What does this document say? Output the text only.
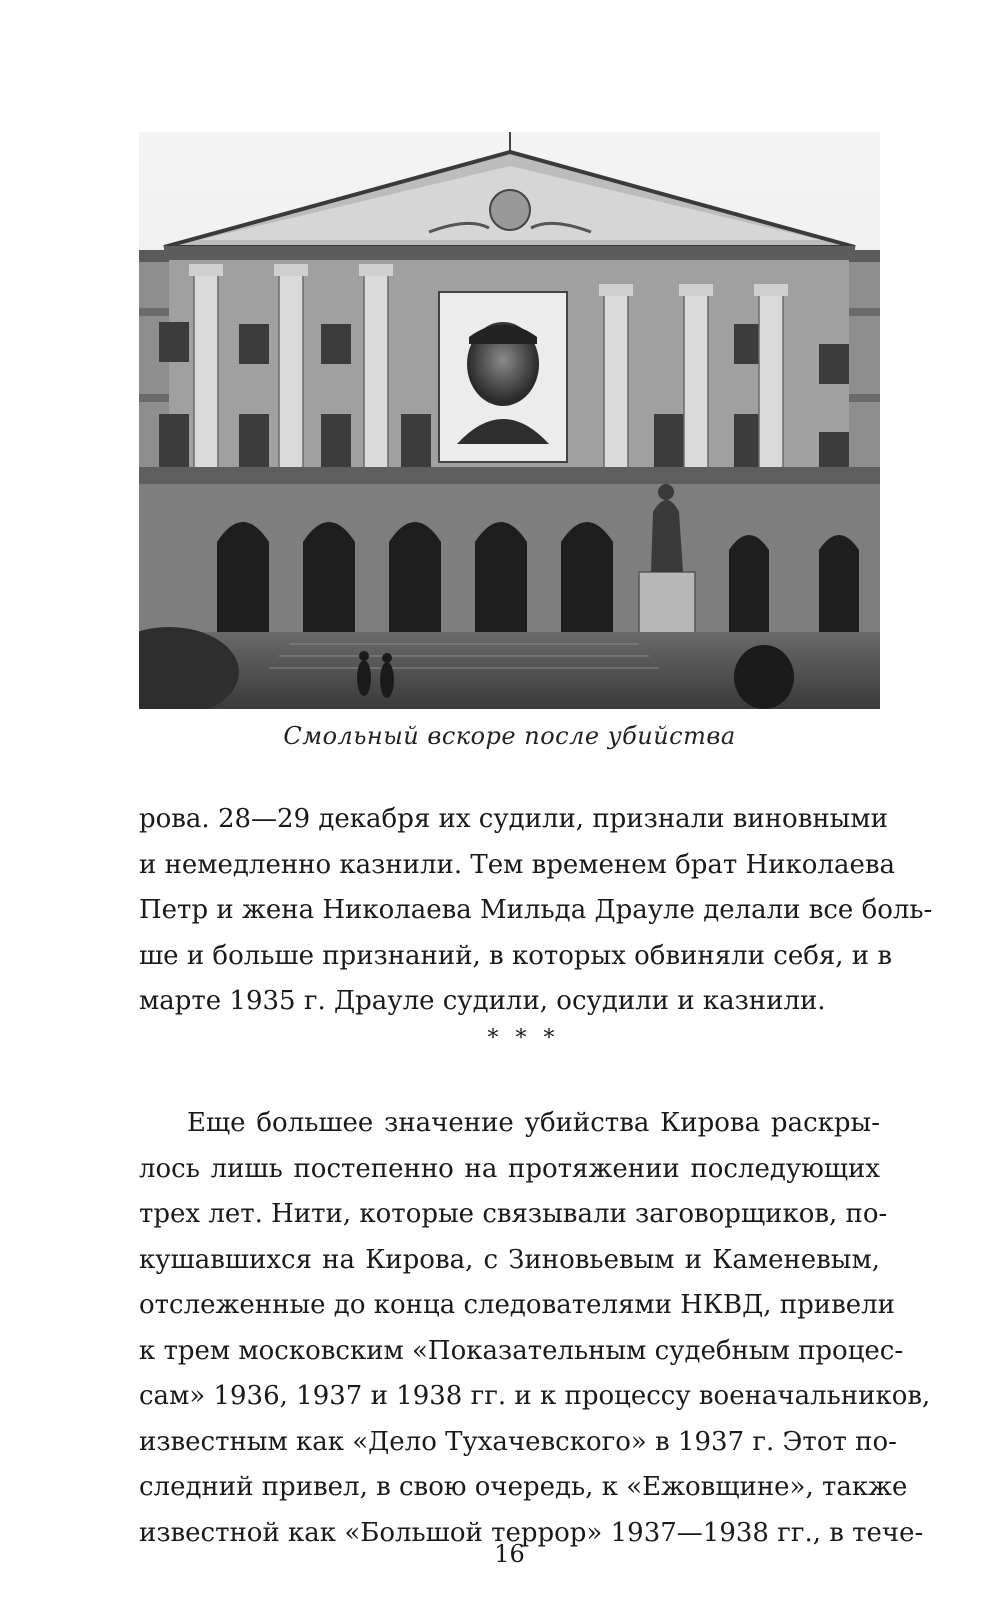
Смольный вскоре после убийства

рова. 28—29 декабря их судили, признали виновными
и немедленно казнили. Тем временем брат Николаева
Петр и жена Николаева Мильда Драуле делали все боль-
ше и больше признаний, в которых обвиняли себя, и в
марте 1935 г. Драуле судили, осудили и казнили.

* * *

Еще большее значение убийства Кирова раскры-
лось лишь постепенно на протяжении последующих
трех лет. Нити, которые связывали заговорщиков, по-
кушавшихся на Кирова, с Зиновьевым и Каменевым,
отслеженные до конца следователями НКВД, привели
к трем московским «Показательным судебным процес-
сам» 1936, 1937 и 1938 гг. и к процессу военачальников,
известным как «Дело Тухачевского» в 1937 г. Этот по-
следний привел, в свою очередь, к «Ежовщине», также
известной как «Большой террор» 1937—1938 гг., в тече-

16
